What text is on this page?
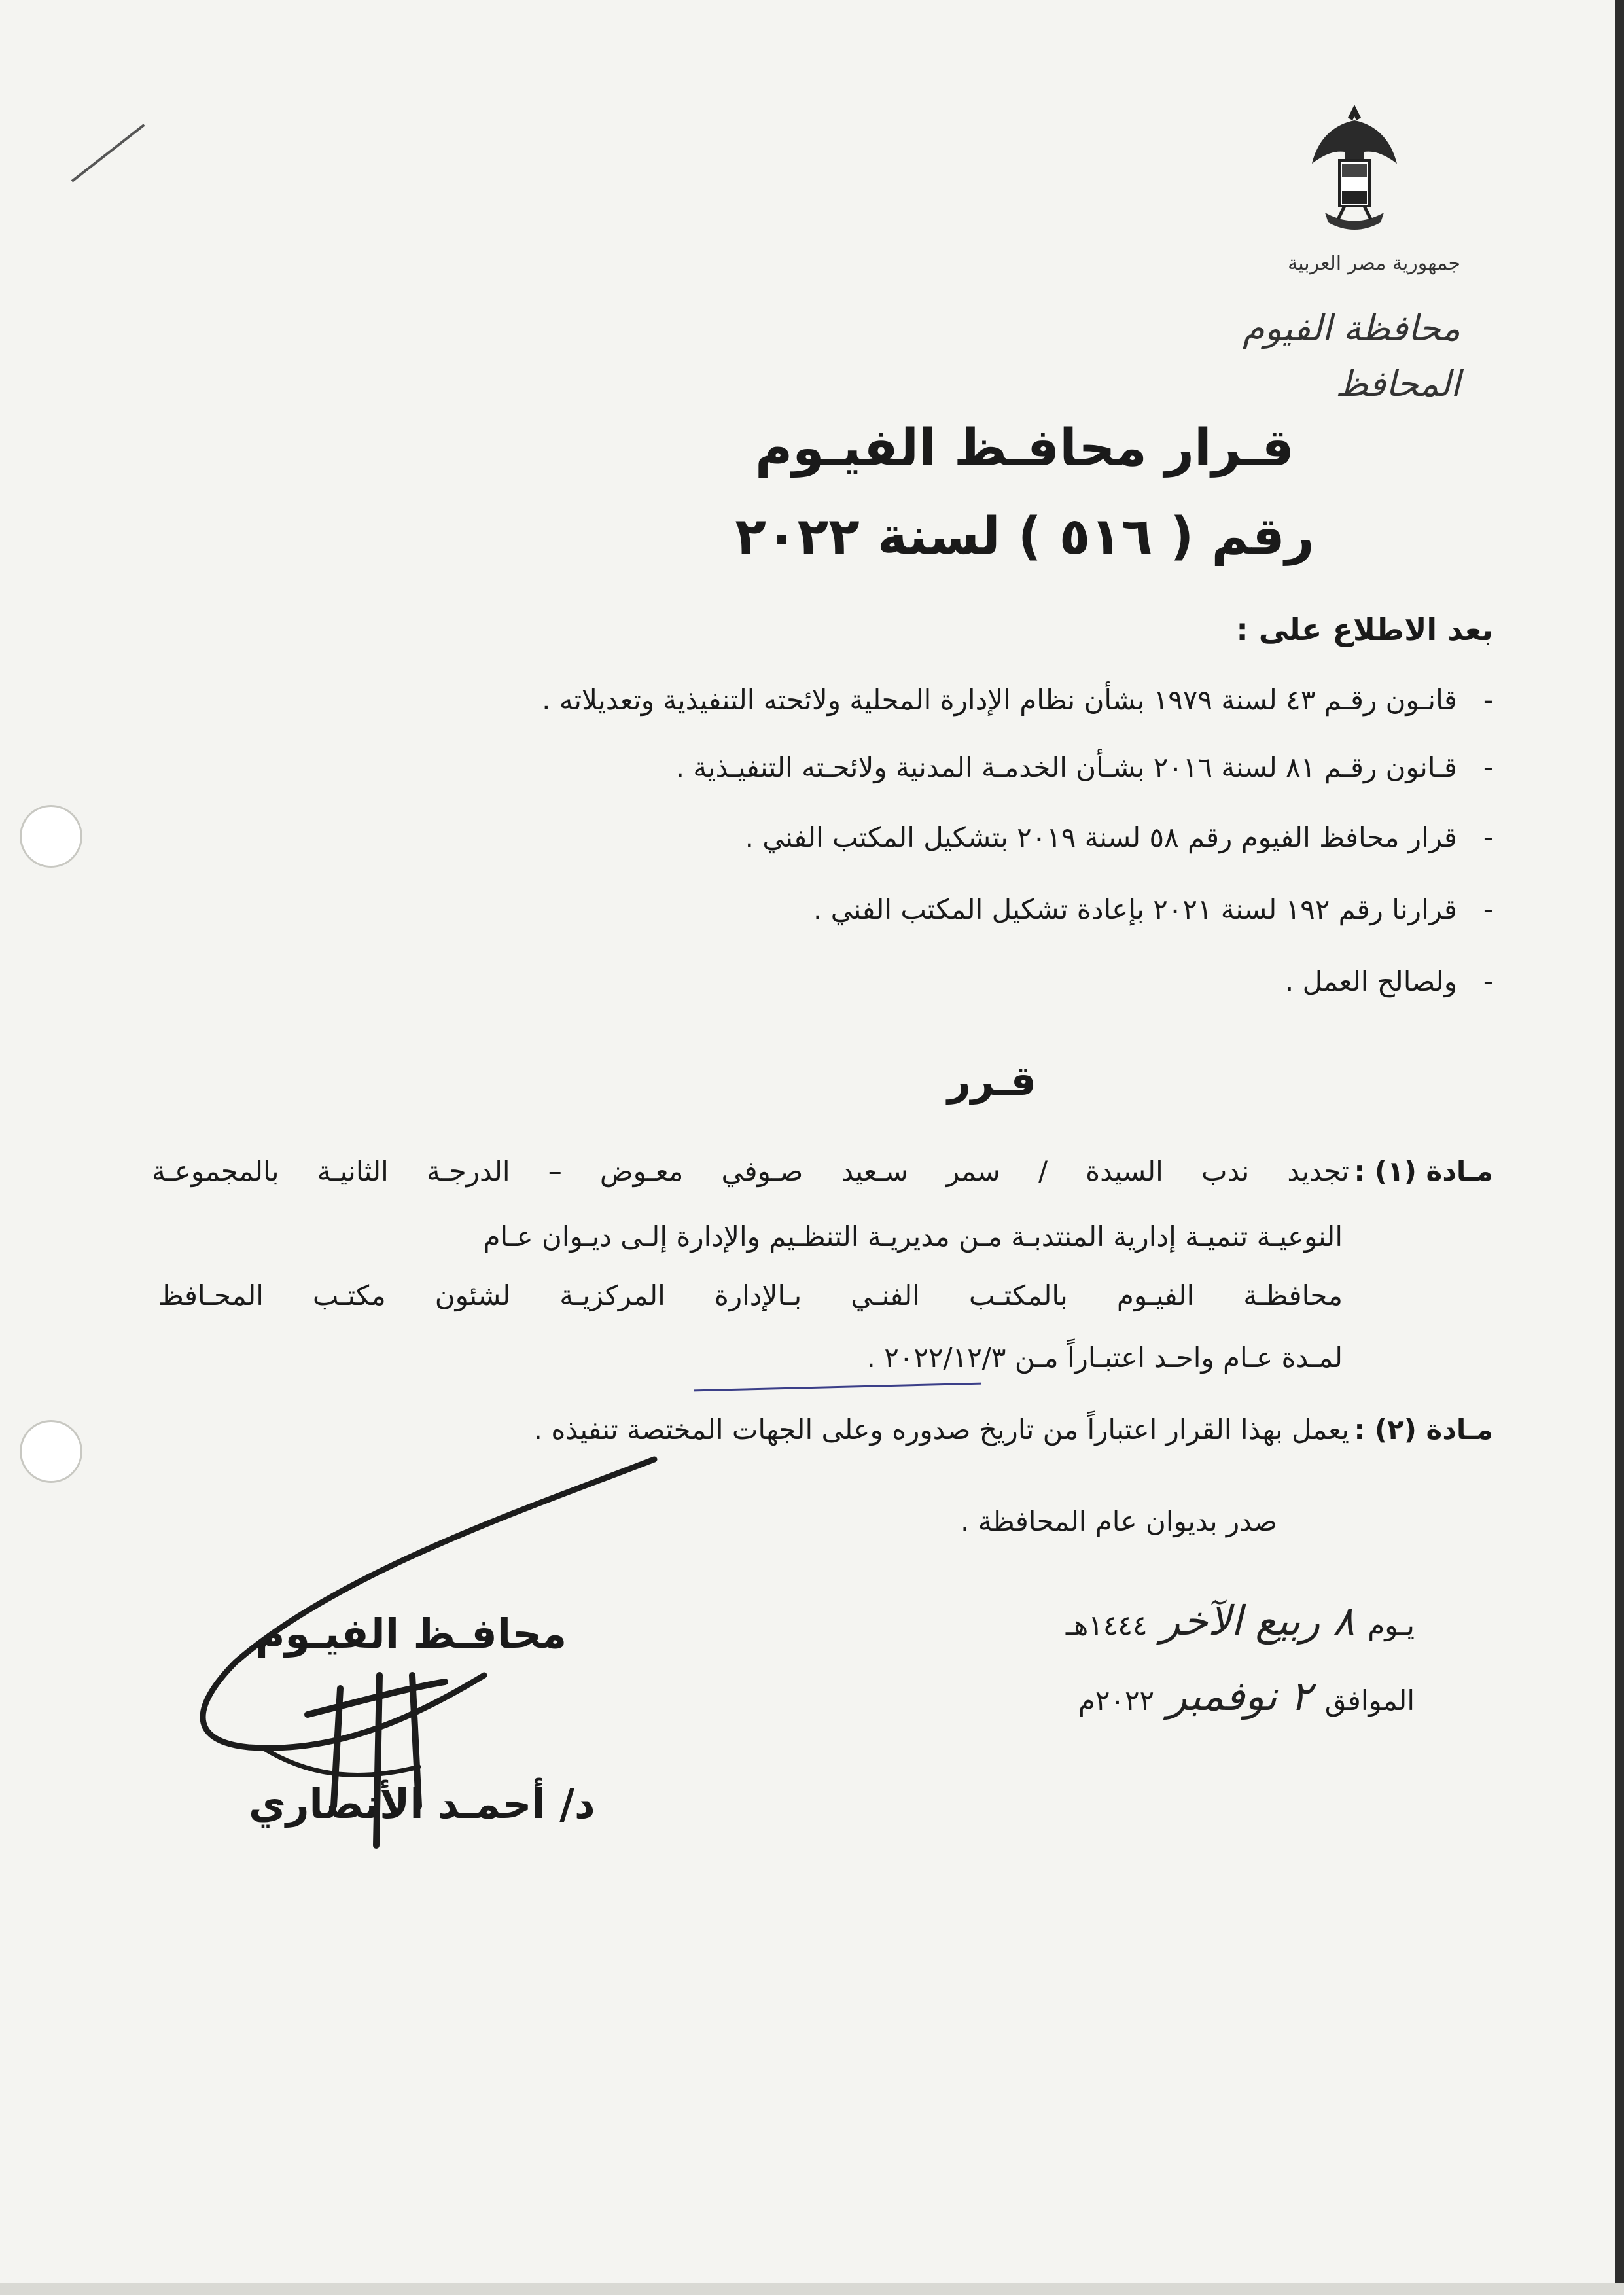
جمهورية مصر العربية
محافظة الفيوم
المحافظ
قـرار محافـظ الفيـوم
رقم ( ٥١٦ ) لسنة ٢٠٢٢
بعد الاطلاع على :
-قانـون رقـم ٤٣ لسنة ١٩٧٩ بشأن نظام الإدارة المحلية ولائحته التنفيذية وتعديلاته .
-قـانون رقـم ٨١ لسنة ٢٠١٦ بشـأن الخدمـة المدنية ولائحـته التنفيـذية .
-قرار محافظ الفيوم رقم ٥٨ لسنة ٢٠١٩ بتشكيل المكتب الفني .
-قرارنا رقم ١٩٢ لسنة ٢٠٢١ بإعادة تشكيل المكتب الفني .
-ولصالح العمل .
قـرر
مـادة (١) :
تجديد ندب السيدة / سمر سـعيد صـوفي معـوض – الدرجـة الثانيـة بالمجموعـة
النوعيـة تنميـة إدارية المنتدبـة مـن مديريـة التنظـيم والإدارة إلـى ديـوان عـام
محافظـة الفيـوم بالمكتـب الفنـي بـالإدارة المركزيـة لشئون مكتـب المحـافظ
لمـدة عـام واحـد اعتبـاراً مـن ٢٠٢٢/١٢/٣ .
مـادة (٢) :
يعمل بهذا القرار اعتباراً من تاريخ صدوره وعلى الجهات المختصة تنفيذه .
صدر بديوان عام المحافظة .
يـوم
٨ ربيع الآخر
١٤٤٤هـ
الموافق
٢ نوفمبر
٢٠٢٢م
محافـظ الفيـوم
د/ أحمـد الأنصاري
